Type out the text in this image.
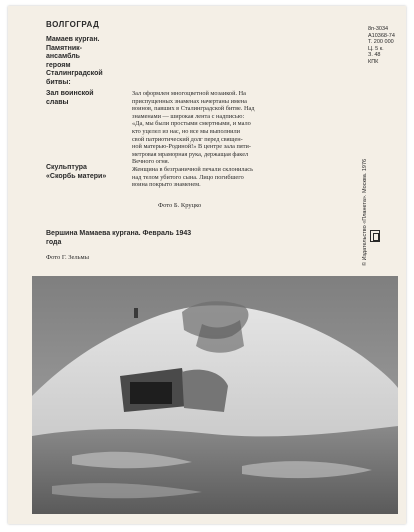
ВОЛГОГРАД

Мамаев курган.
Памятник-
ансамбль
героям
Сталинградской
битвы:
Зал воинской
славы
Зал оформлен многоцветной мозаикой. На
приспущенных знаменах начертаны имена
воинов, павших в Сталинградской битве. Над
знаменами — широкая лента с надписью:
«Да, мы были простыми смертными, и мало
кто уцелел из нас, но все мы выполнили
свой патриотический долг перед священ-
ной матерью-Родиной!» В центре зала пяти-
метровая мраморная рука, держащая факел
Вечного огня.
Скульптура
«Скорбь матери»
Женщина в безграничной печали склонилась
над телом убитого сына. Лицо погибшего
воина покрыто знаменем.

Фото Б. Круцко

Вершина Мамаева кургана. Февраль 1943
года

Фото Г. Зельмы

8п-3034
А10368-74
Т. 200 000
Ц. 5 к.
З. 48
КПК
© Издательство «Планета». Москва. 1976
